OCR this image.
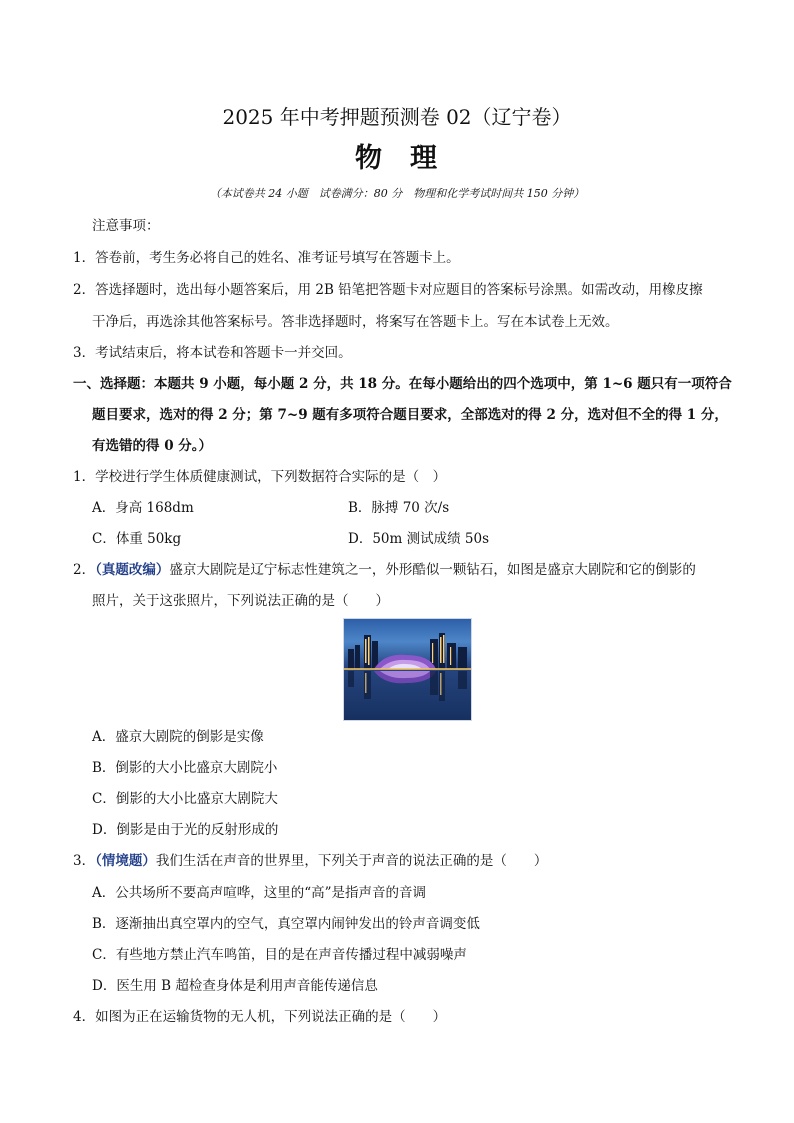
2025 年中考押题预测卷 02（辽宁卷）
物 理
（本试卷共 24 小题　试卷满分：80 分　物理和化学考试时间共 150 分钟）
注意事项：
1．答卷前，考生务必将自己的姓名、准考证号填写在答题卡上。
2．答选择题时，选出每小题答案后，用 2B 铅笔把答题卡对应题目的答案标号涂黑。如需改动，用橡皮擦
干净后，再选涂其他答案标号。答非选择题时，将案写在答题卡上。写在本试卷上无效。
3．考试结束后，将本试卷和答题卡一并交回。
一、选择题：本题共 9 小题，每小题 2 分，共 18 分。在每小题给出的四个选项中，第 1~6 题只有一项符合
题目要求，选对的得 2 分；第 7~9 题有多项符合题目要求，全部选对的得 2 分，选对但不全的得 1 分，
有选错的得 0 分。）
1．学校进行学生体质健康测试，下列数据符合实际的是（　）
A．身高 168dm	B．脉搏 70 次/s
C．体重 50kg	D．50m 测试成绩 50s
2．（真题改编）盛京大剧院是辽宁标志性建筑之一，外形酷似一颗钻石，如图是盛京大剧院和它的倒影的
照片，关于这张照片，下列说法正确的是（　　）
A．盛京大剧院的倒影是实像
B．倒影的大小比盛京大剧院小
C．倒影的大小比盛京大剧院大
D．倒影是由于光的反射形成的
3．（情境题）我们生活在声音的世界里，下列关于声音的说法正确的是（　　）
A．公共场所不要高声喧哗，这里的“高”是指声音的音调
B．逐渐抽出真空罩内的空气，真空罩内闹钟发出的铃声音调变低
C．有些地方禁止汽车鸣笛，目的是在声音传播过程中减弱噪声
D．医生用 B 超检查身体是利用声音能传递信息
4．如图为正在运输货物的无人机，下列说法正确的是（　　）
